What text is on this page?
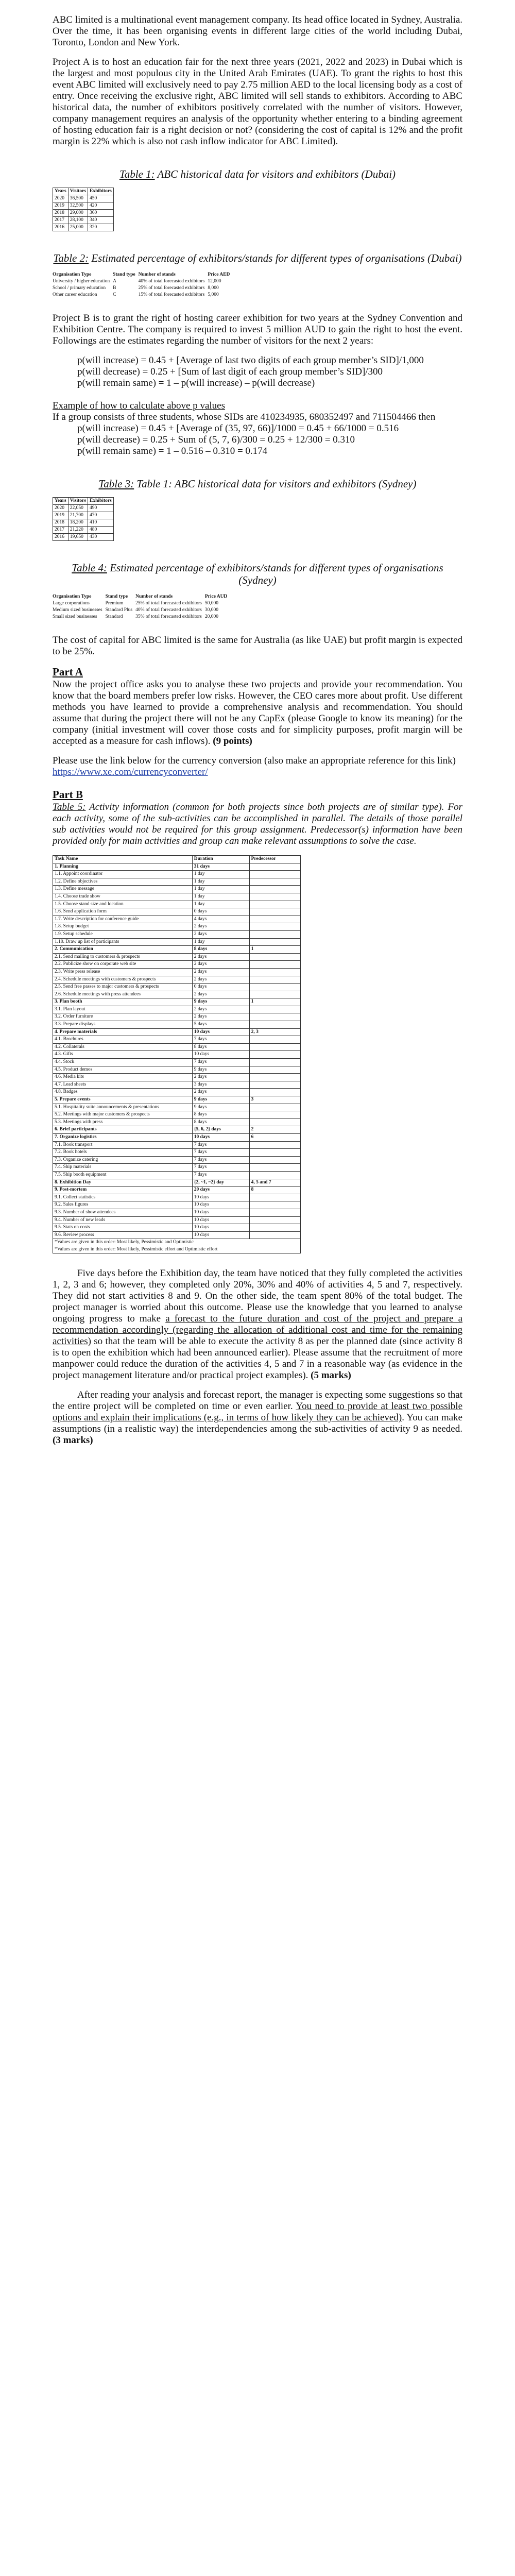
ABC limited is a multinational event management company. Its head office located in Sydney, Australia. Over the time, it has been organising events in different large cities of the world including Dubai, Toronto, London and New York.

Project A is to host an education fair for the next three years (2021, 2022 and 2023) in Dubai which is the largest and most populous city in the United Arab Emirates (UAE). To grant the rights to host this event ABC limited will exclusively need to pay 2.75 million AED to the local licensing body as a cost of entry. Once receiving the exclusive right, ABC limited will sell stands to exhibitors. According to ABC historical data, the number of exhibitors positively correlated with the number of visitors. However, company management requires an analysis of the opportunity whether entering to a binding agreement of hosting education fair is a right decision or not? (considering the cost of capital is 12% and the profit margin is 22% which is also not cash inflow indicator for ABC Limited).

Table 1: ABC historical data for visitors and exhibitors (Dubai)
Years	Visitors	Exhibitors
2020	36,500	450
2019	32,500	420
2018	29,000	360
2017	28,100	340
2016	25,000	320
Table 2: Estimated percentage of exhibitors/stands for different types of organisations (Dubai)
Organisation Type	Stand type	Number of stands	Price AED
University / higher education	A	40% of total forecasted exhibitors	12,000
School / primary education	B	25% of total forecasted exhibitors	8,000
Other career education	C	15% of total forecasted exhibitors	5,000

Project B is to grant the right of hosting career exhibition for two years at the Sydney Convention and Exhibition Centre. The company is required to invest 5 million AUD to gain the right to host the event. Followings are the estimates regarding the number of visitors for the next 2 years:

p(will increase) = 0.45 + [Average of last two digits of each group member’s SID]/1,000

p(will decrease) = 0.25 + [Sum of last digit of each group member’s SID]/300

p(will remain same) = 1 – p(will increase) – p(will decrease)

Example of how to calculate above p values

If a group consists of three students, whose SIDs are 410234935, 680352497 and 711504466 then

p(will increase) = 0.45 + [Average of (35, 97, 66)]/1000 = 0.45 + 66/1000 = 0.516

p(will decrease) = 0.25 + Sum of (5, 7, 6)/300 = 0.25 + 12/300 = 0.310

p(will remain same) = 1 – 0.516 – 0.310 = 0.174

Table 3: Table 1: ABC historical data for visitors and exhibitors (Sydney)
Years	Visitors	Exhibitors
2020	22,050	490
2019	21,700	470
2018	18,200	410
2017	21,220	480
2016	19,650	430
Table 4: Estimated percentage of exhibitors/stands for different types of organisations (Sydney)
Organisation Type	Stand type	Number of stands	Price AUD
Large corporations	Premium	25% of total forecasted exhibitors	50,000
Medium sized businesses	Standard Plus	40% of total forecasted exhibitors	30,000
Small sized businesses	Standard	35% of total forecasted exhibitors	20,000

The cost of capital for ABC limited is the same for Australia (as like UAE) but profit margin is expected to be 25%.

Part A

Now the project office asks you to analyse these two projects and provide your recommendation. You know that the board members prefer low risks. However, the CEO cares more about profit. Use different methods you have learned to provide a comprehensive analysis and recommendation. You should assume that during the project there will not be any CapEx (please Google to know its meaning) for the company (initial investment will cover those costs and for simplicity purposes, profit margin will be accepted as a measure for cash inflows). (9 points)

Please use the link below for the currency conversion (also make an appropriate reference for this link)

https://www.xe.com/currencyconverter/
Part B

Table 5: Activity information (common for both projects since both projects are of similar type). For each activity, some of the sub-activities can be accomplished in parallel. The details of those parallel sub activities would not be required for this group assignment. Predecessor(s) information have been provided only for main activities and group can make relevant assumptions to solve the case.

Task Name	Duration	Predecessor
1. Planning	31 days	
1.1. Appoint coordinator	1 day	
1.2. Define objectives	1 day	
1.3. Define message	1 day	
1.4. Choose trade show	1 day	
1.5. Choose stand size and location	1 day	
1.6. Send application form	0 days	
1.7. Write description for conference guide	4 days	
1.8. Setup budget	2 days	
1.9. Setup schedule	2 days	
1.10. Draw up list of participants	1 day	
2. Communication	8 days	1
2.1. Send mailing to customers & prospects	2 days	
2.2. Publicize show on corporate web site	2 days	
2.3. Write press release	2 days	
2.4. Schedule meetings with customers & prospects	2 days	
2.5. Send free passes to major customers & prospects	0 days	
2.6. Schedule meetings with press attendees	2 days	
3. Plan booth	9 days	1
3.1. Plan layout	2 days	
3.2. Order furniture	2 days	
3.3. Prepare displays	5 days	
4. Prepare materials	10 days	2, 3
4.1. Brochures	7 days	
4.2. Collaterals	8 days	
4.3. Gifts	10 days	
4.4. Stock	7 days	
4.5. Product demos	9 days	
4.6. Media kits	2 days	
4.7. Lead sheets	3 days	
4.8. Badges	2 days	
5. Prepare events	9 days	3
5.1. Hospitality suite announcements & presentations	9 days	
5.2. Meetings with major customers & prospects	8 days	
5.3. Meetings with press	8 days	
6. Brief participants	{5, 6, 2} days	2
7. Organize logistics	10 days	6
7.1. Book transport	7 days	
7.2. Book hotels	7 days	
7.3. Organize catering	7 days	
7.4. Ship materials	7 days	
7.5. Ship booth equipment	7 days	
8. Exhibition Day	{2, ~1, ~2} day	4, 5 and 7
9. Post-mortem	20 days	8
9.1. Collect statistics	10 days	
9.2. Sales figures	10 days	
9.3. Number of show attendees	10 days	
9.4. Number of new leads	10 days	
9.5. Stats on costs	10 days	
9.6. Review process	10 days	
*Values are given in this order: Most likely, Pessimistic and Optimistic
*Values are given in this order: Most likely, Pessimistic effort and Optimistic effort		

Five days before the Exhibition day, the team have noticed that they fully completed the activities 1, 2, 3 and 6; however, they completed only 20%, 30% and 40% of activities 4, 5 and 7, respectively. They did not start activities 8 and 9. On the other side, the team spent 80% of the total budget. The project manager is worried about this outcome. Please use the knowledge that you learned to analyse ongoing progress to make a forecast to the future duration and cost of the project and prepare a recommendation accordingly (regarding the allocation of additional cost and time for the remaining activities) so that the team will be able to execute the activity 8 as per the planned date (since activity 8 is to open the exhibition which had been announced earlier). Please assume that the recruitment of more manpower could reduce the duration of the activities 4, 5 and 7 in a reasonable way (as evidence in the project management literature and/or practical project examples). (5 marks)

After reading your analysis and forecast report, the manager is expecting some suggestions so that the entire project will be completed on time or even earlier. You need to provide at least two possible options and explain their implications (e.g., in terms of how likely they can be achieved). You can make assumptions (in a realistic way) the interdependencies among the sub-activities of activity 9 as needed. (3 marks)
